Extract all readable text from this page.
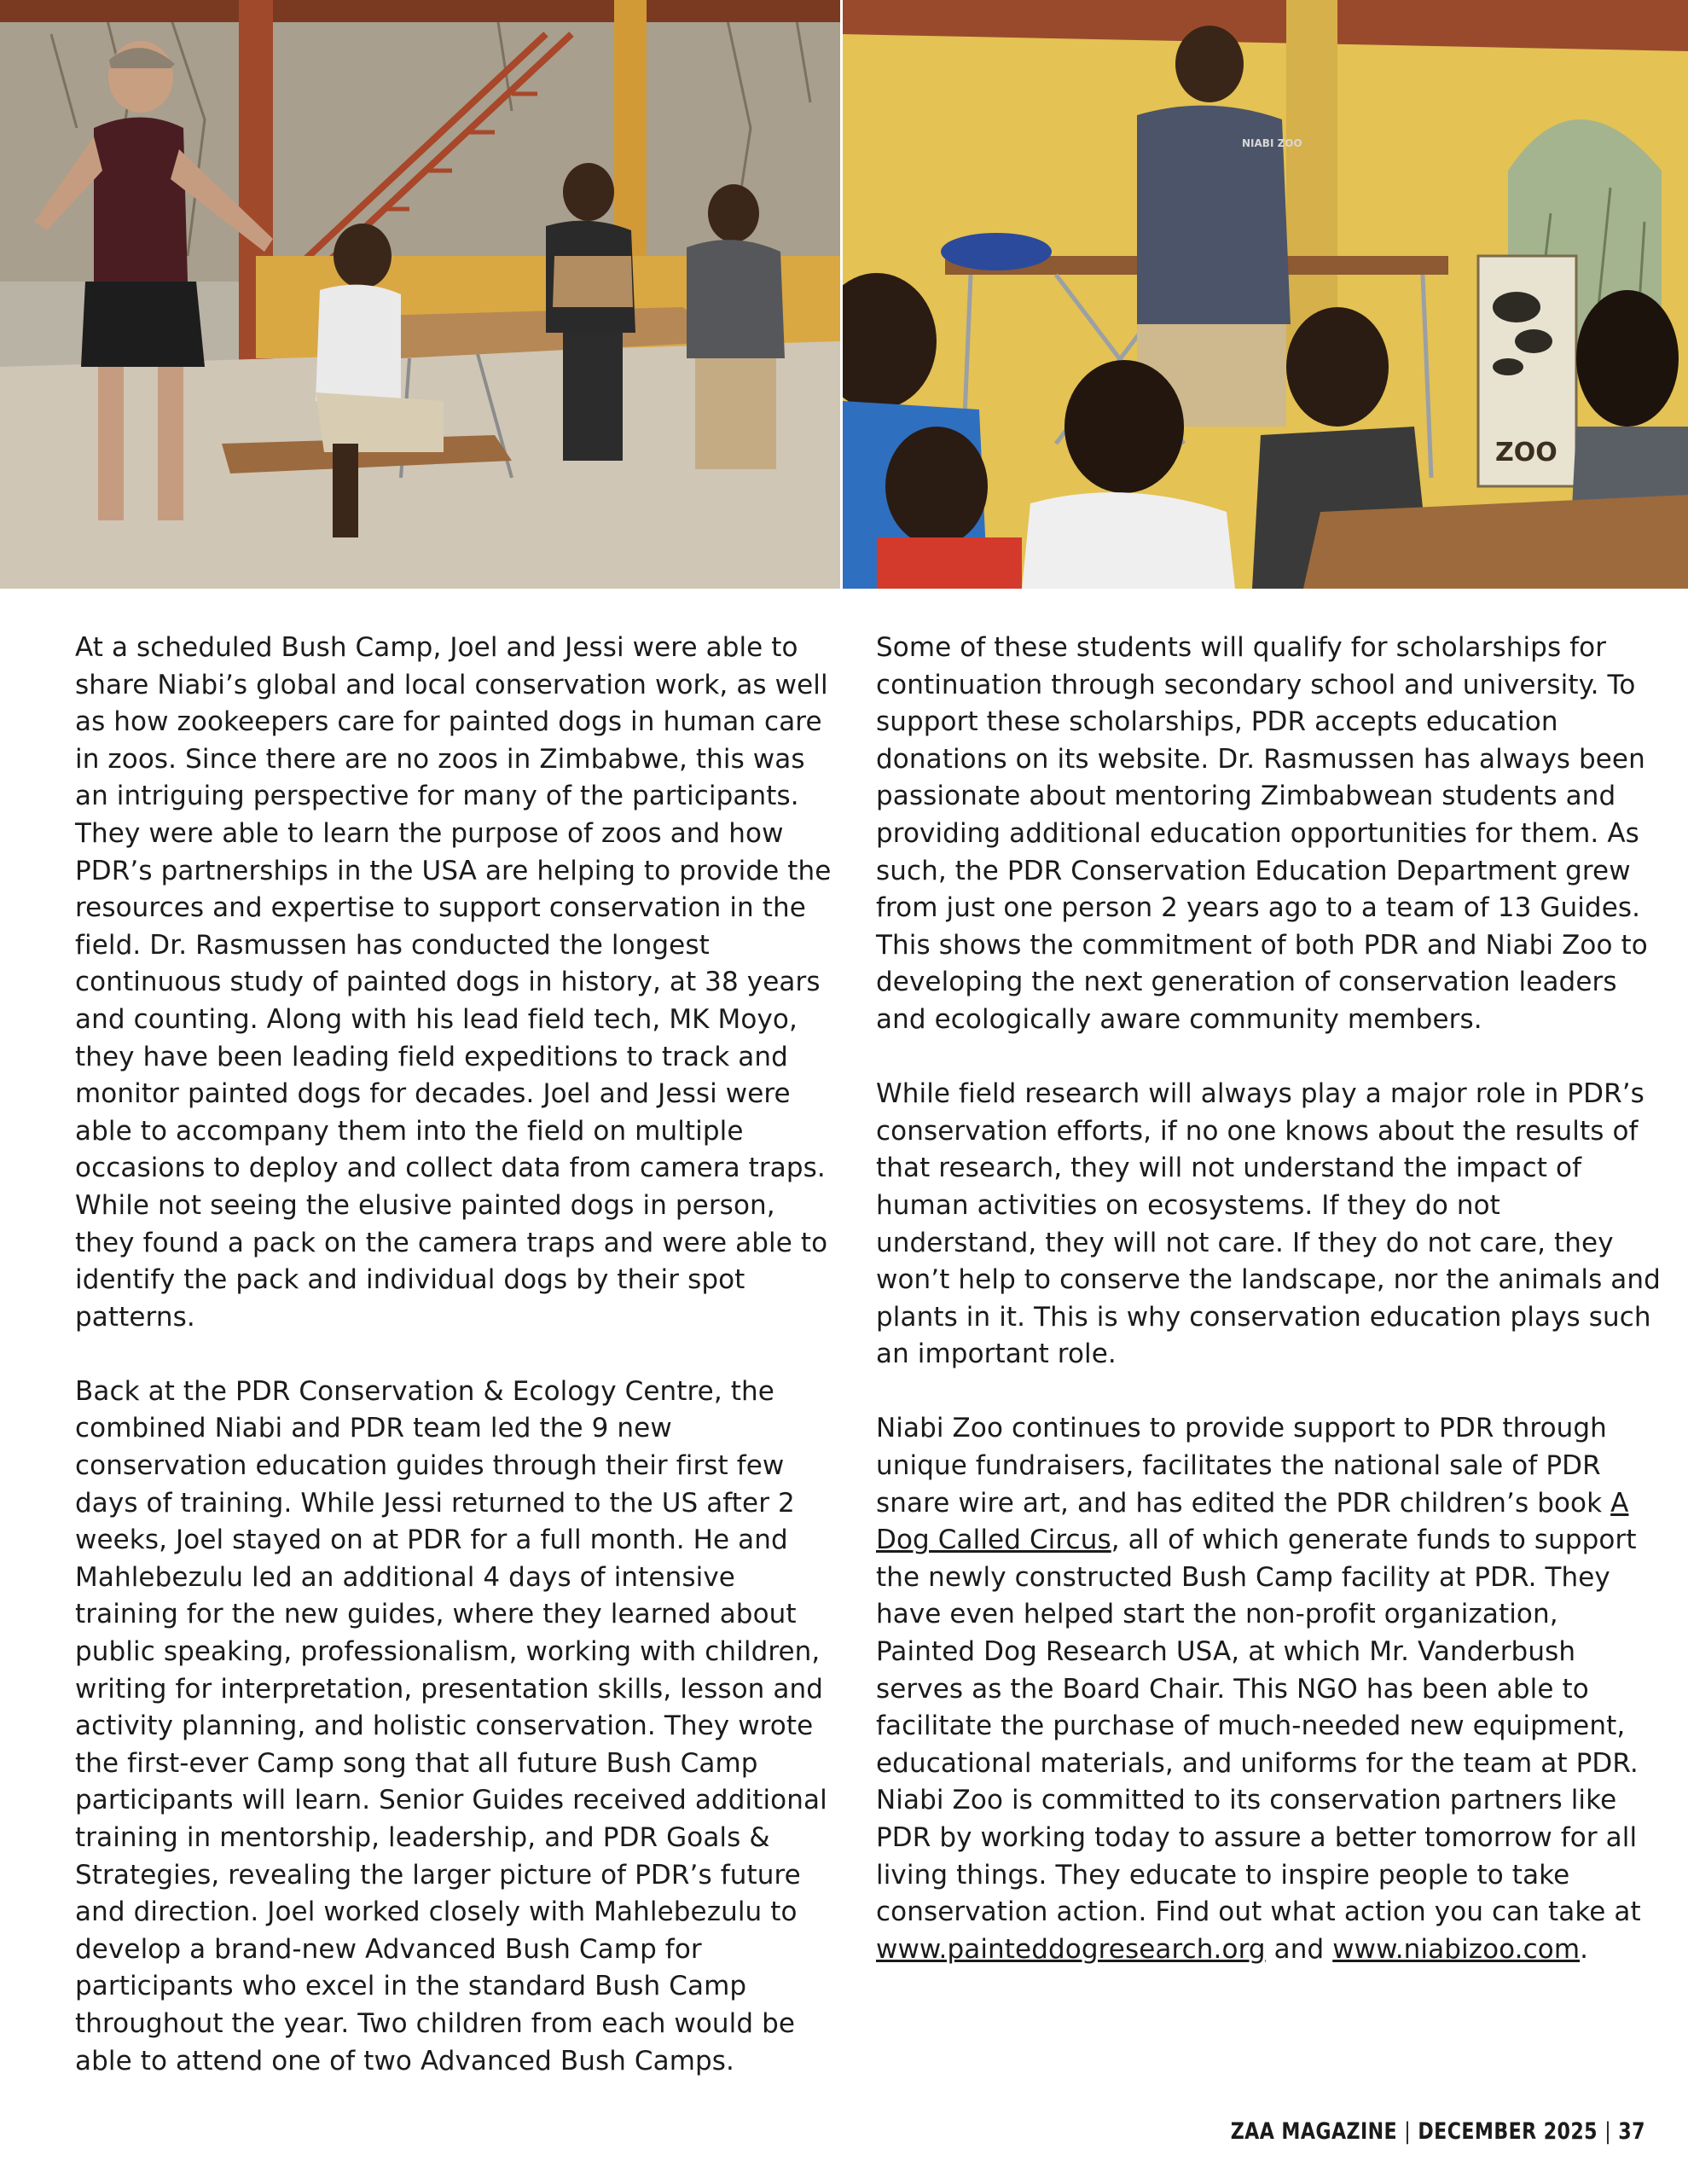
NIABI ZOO
ZOO

At a scheduled Bush Camp, Joel and Jessi were able to share Niabi’s global and local conservation work, as well as how zookeepers care for painted dogs in human care in zoos. Since there are no zoos in Zimbabwe, this was an intriguing perspective for many of the participants. They were able to learn the purpose of zoos and how PDR’s partnerships in the USA are helping to provide the resources and expertise to support conservation in the field. Dr. Rasmussen has conducted the longest continuous study of painted dogs in history, at 38 years and counting. Along with his lead field tech, MK Moyo, they have been leading field expeditions to track and monitor painted dogs for decades. Joel and Jessi were able to accompany them into the field on multiple occasions to deploy and collect data from camera traps. While not seeing the elusive painted dogs in person, they found a pack on the camera traps and were able to identify the pack and individual dogs by their spot patterns.

Back at the PDR Conservation & Ecology Centre, the combined Niabi and PDR team led the 9 new conservation education guides through their first few days of training. While Jessi returned to the US after 2 weeks, Joel stayed on at PDR for a full month. He and Mahlebezulu led an additional 4 days of intensive training for the new guides, where they learned about public speaking, professionalism, working with children, writing for interpretation, presentation skills, lesson and activity planning, and holistic conservation. They wrote the first-ever Camp song that all future Bush Camp participants will learn. Senior Guides received additional training in mentorship, leadership, and PDR Goals & Strategies, revealing the larger picture of PDR’s future and direction. Joel worked closely with Mahlebezulu to develop a brand-new Advanced Bush Camp for participants who excel in the standard Bush Camp throughout the year. Two children from each would be able to attend one of two Advanced Bush Camps.

Some of these students will qualify for scholarships for continuation through secondary school and university. To support these scholarships, PDR accepts education donations on its website. Dr. Rasmussen has always been passionate about mentoring Zimbabwean students and providing additional education opportunities for them. As such, the PDR Conservation Education Department grew from just one person 2 years ago to a team of 13 Guides. This shows the commitment of both PDR and Niabi Zoo to developing the next generation of conservation leaders and ecologically aware community members.

While field research will always play a major role in PDR’s conservation efforts, if no one knows about the results of that research, they will not understand the impact of human activities on ecosystems. If they do not understand, they will not care. If they do not care, they won’t help to conserve the landscape, nor the animals and plants in it. This is why conservation education plays such an important role.

Niabi Zoo continues to provide support to PDR through unique fundraisers, facilitates the national sale of PDR snare wire art, and has edited the PDR children’s book A Dog Called Circus, all of which generate funds to support the newly constructed Bush Camp facility at PDR. They have even helped start the non-profit organization, Painted Dog Research USA, at which Mr. Vanderbush serves as the Board Chair. This NGO has been able to facilitate the purchase of much-needed new equipment, educational materials, and uniforms for the team at PDR. Niabi Zoo is committed to its conservation partners like PDR by working today to assure a better tomorrow for all living things. They educate to inspire people to take conservation action. Find out what action you can take at www.painteddogresearch.org and www.niabizoo.com.

ZAA MAGAZINE | DECEMBER 2025 | 37
